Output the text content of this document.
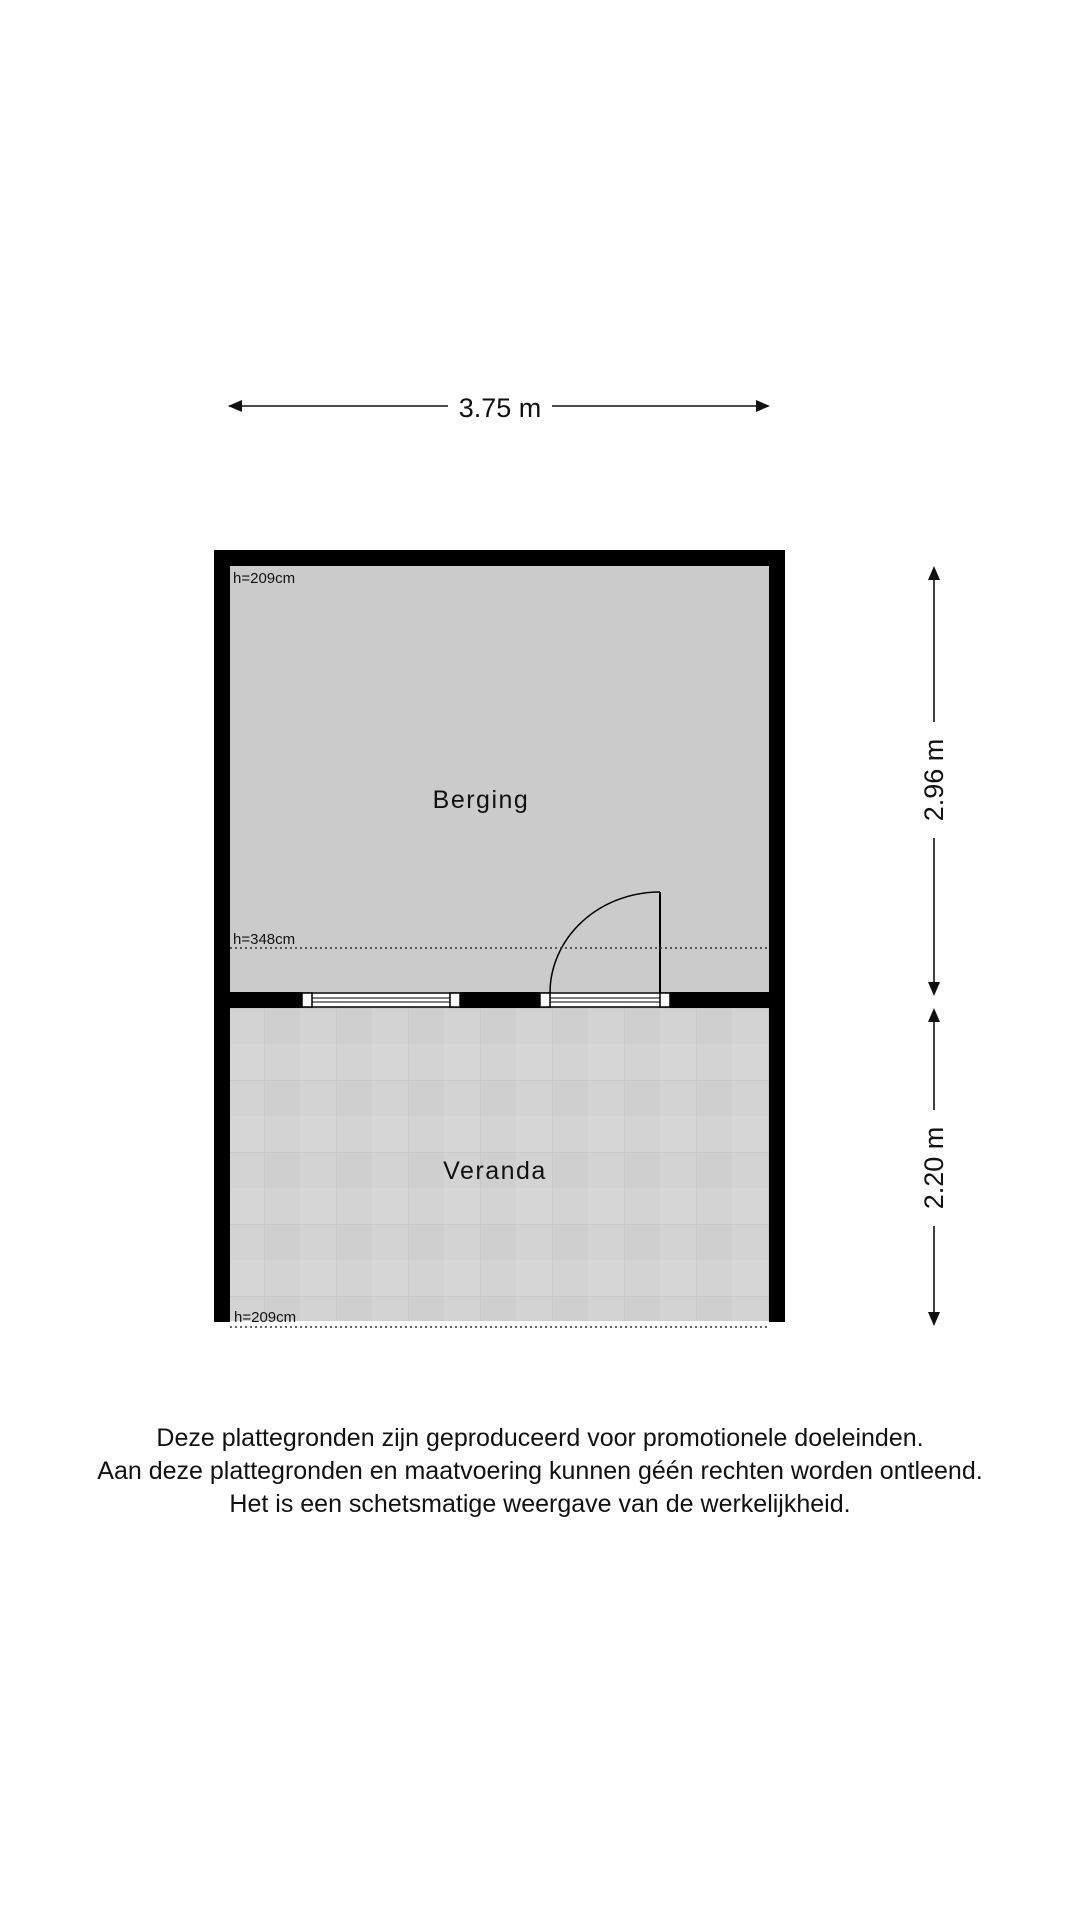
3.75 m
h=209cm
h=348cm
h=209cm
Berging
Veranda
2.96 m
2.20 m
Deze plattegronden zijn geproduceerd voor promotionele doeleinden.
Aan deze plattegronden en maatvoering kunnen géén rechten worden ontleend.
Het is een schetsmatige weergave van de werkelijkheid.
